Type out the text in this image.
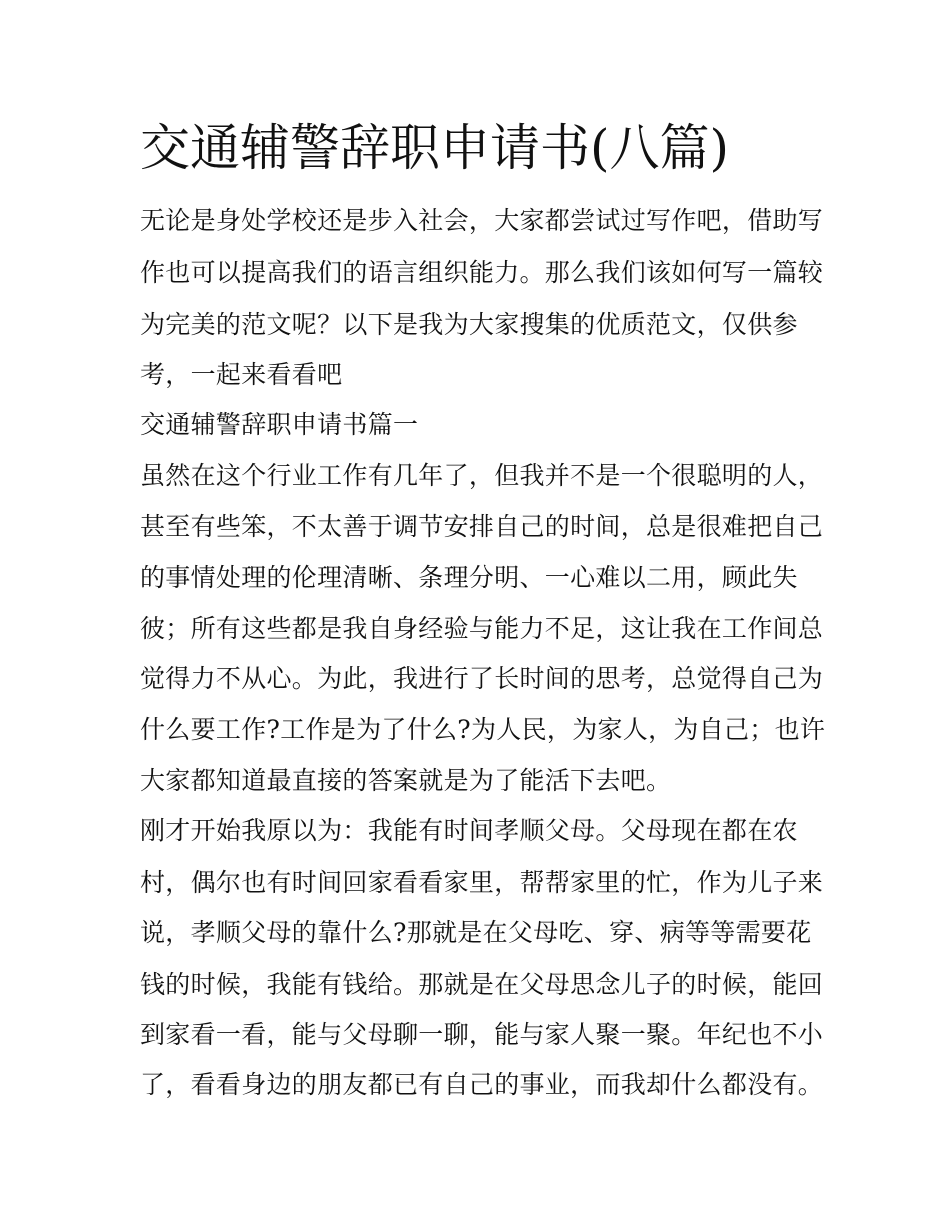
交通辅警辞职申请书(八篇)
无论是身处学校还是步入社会，大家都尝试过写作吧，借助写
作也可以提高我们的语言组织能力。那么我们该如何写一篇较
为完美的范文呢？以下是我为大家搜集的优质范文，仅供参
考，一起来看看吧
交通辅警辞职申请书篇一
虽然在这个行业工作有几年了，但我并不是一个很聪明的人，
甚至有些笨，不太善于调节安排自己的时间，总是很难把自己
的事情处理的伦理清晰、条理分明、一心难以二用，顾此失
彼；所有这些都是我自身经验与能力不足，这让我在工作间总
觉得力不从心。为此，我进行了长时间的思考，总觉得自己为
什么要工作?工作是为了什么?为人民，为家人，为自己；也许
大家都知道最直接的答案就是为了能活下去吧。
刚才开始我原以为：我能有时间孝顺父母。父母现在都在农
村，偶尔也有时间回家看看家里，帮帮家里的忙，作为儿子来
说，孝顺父母的靠什么?那就是在父母吃、穿、病等等需要花
钱的时候，我能有钱给。那就是在父母思念儿子的时候，能回
到家看一看，能与父母聊一聊，能与家人聚一聚。年纪也不小
了，看看身边的朋友都已有自己的事业，而我却什么都没有。
